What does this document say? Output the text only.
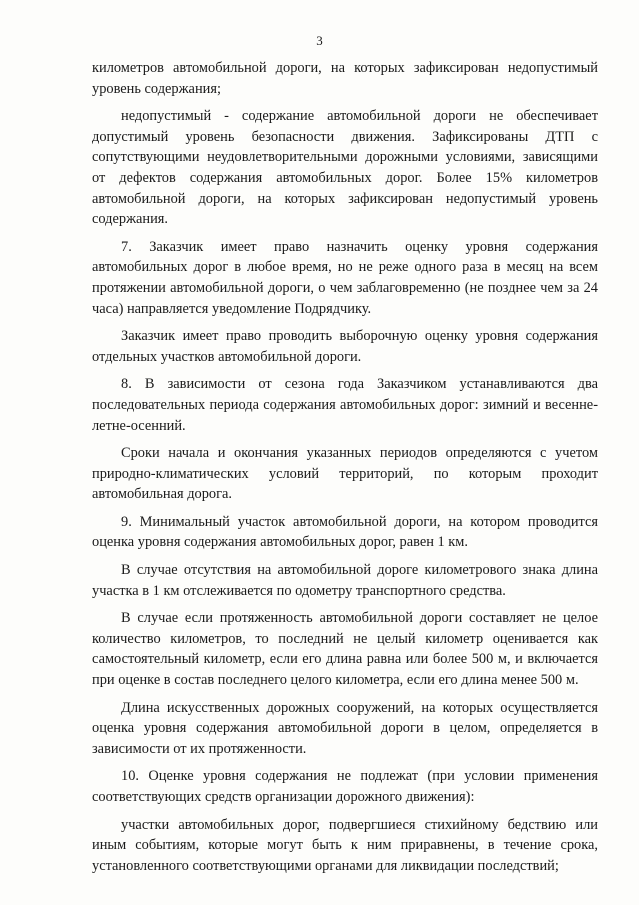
3

километров автомобильной дороги, на которых зафиксирован недопустимый уровень содержания;

недопустимый - содержание автомобильной дороги не обеспечивает допустимый уровень безопасности движения. Зафиксированы ДТП с сопутствующими неудовлетворительными дорожными условиями, зависящими от дефектов содержания автомобильных дорог. Более 15% километров автомобильной дороги, на которых зафиксирован недопустимый уровень содержания.

7. Заказчик имеет право назначить оценку уровня содержания автомобильных дорог в любое время, но не реже одного раза в месяц на всем протяжении автомобильной дороги, о чем заблаговременно (не позднее чем за 24 часа) направляется уведомление Подрядчику.

Заказчик имеет право проводить выборочную оценку уровня содержания отдельных участков автомобильной дороги.

8. В зависимости от сезона года Заказчиком устанавливаются два последовательных периода содержания автомобильных дорог: зимний и весенне-летне-осенний.

Сроки начала и окончания указанных периодов определяются с учетом природно-климатических условий территорий, по которым проходит автомобильная дорога.

9. Минимальный участок автомобильной дороги, на котором проводится оценка уровня содержания автомобильных дорог, равен 1 км.

В случае отсутствия на автомобильной дороге километрового знака длина участка в 1 км отслеживается по одометру транспортного средства.

В случае если протяженность автомобильной дороги составляет не целое количество километров, то последний не целый километр оценивается как самостоятельный километр, если его длина равна или более 500 м, и включается при оценке в состав последнего целого километра, если его длина менее 500 м.

Длина искусственных дорожных сооружений, на которых осуществляется оценка уровня содержания автомобильной дороги в целом, определяется в зависимости от их протяженности.

10. Оценке уровня содержания не подлежат (при условии применения соответствующих средств организации дорожного движения):

участки автомобильных дорог, подвергшиеся стихийному бедствию или иным событиям, которые могут быть к ним приравнены, в течение срока, установленного соответствующими органами для ликвидации последствий;
